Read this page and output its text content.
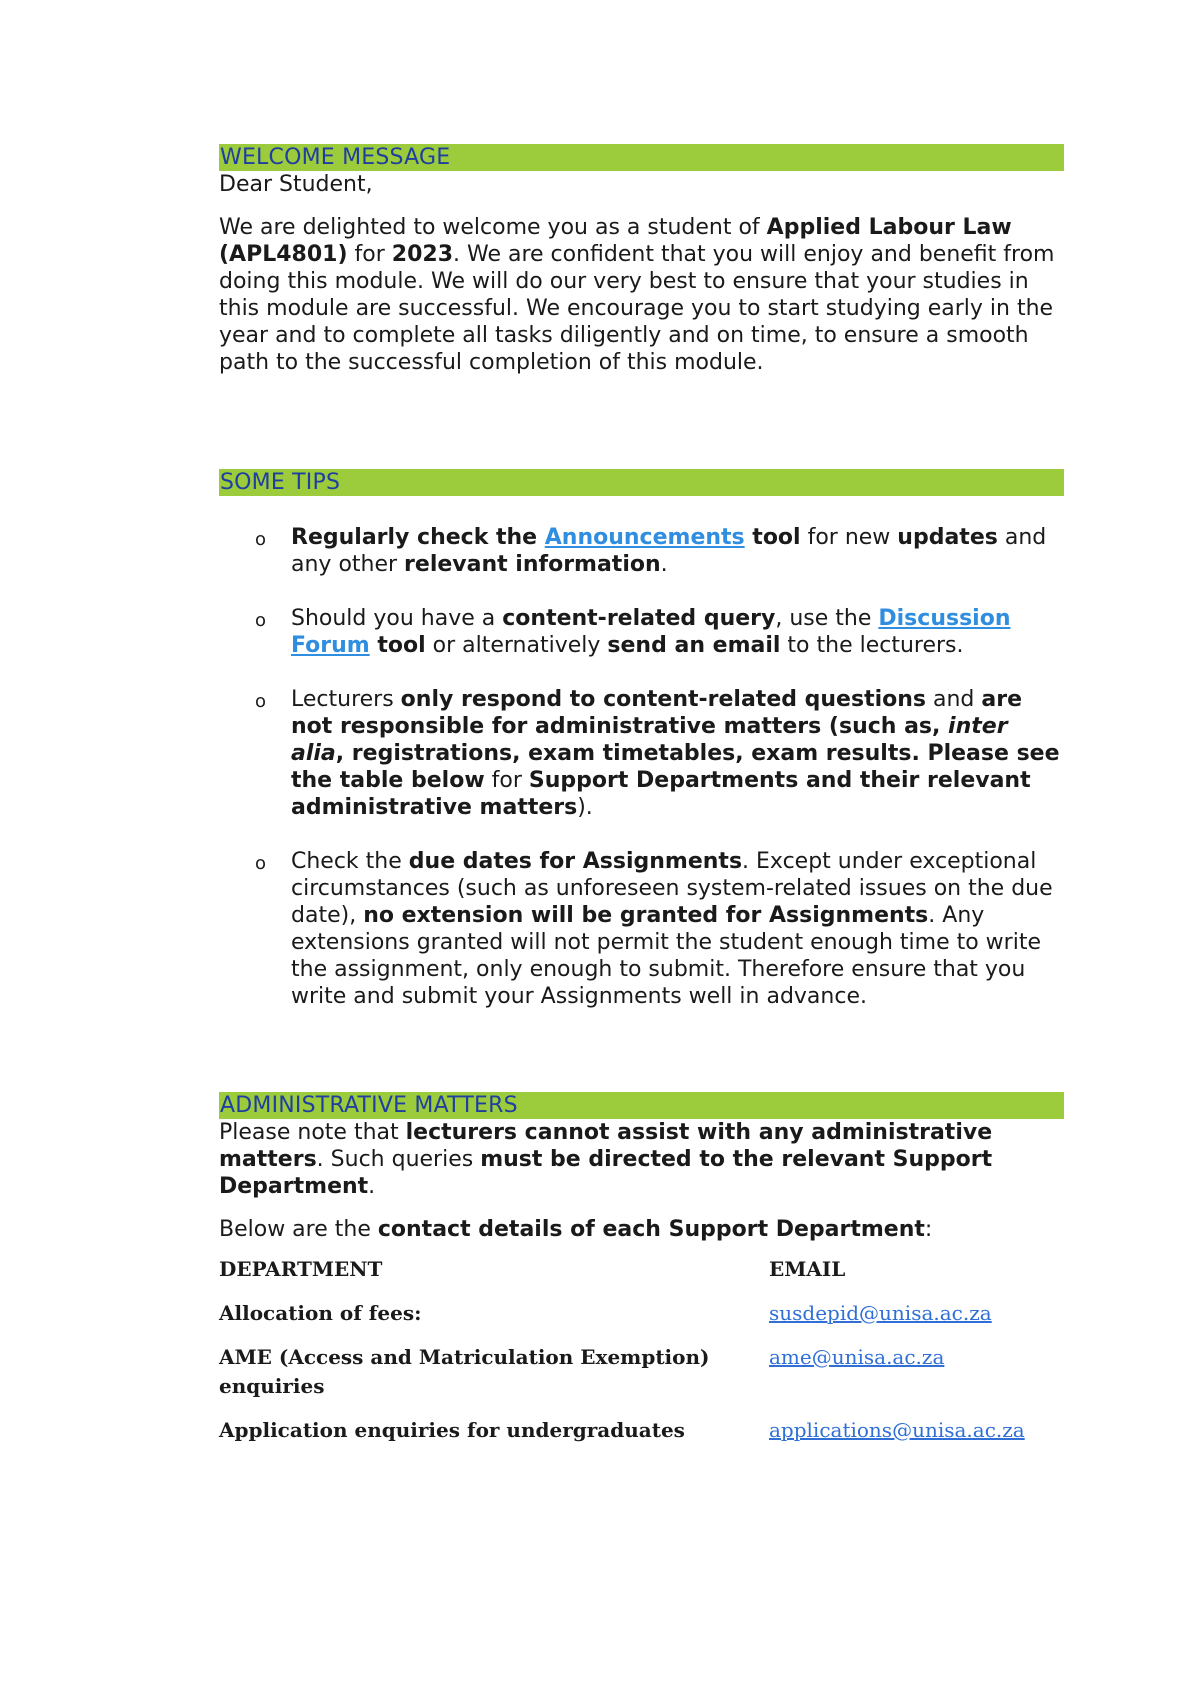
WELCOME MESSAGE

Dear Student,

We are delighted to welcome you as a student of Applied Labour Law (APL4801) for 2023. We are confident that you will enjoy and benefit from doing this module. We will do our very best to ensure that your studies in this module are successful. We encourage you to start studying early in the year and to complete all tasks diligently and on time, to ensure a smooth path to the successful completion of this module.

SOME TIPS
o Regularly check the Announcements tool for new updates and any other relevant information.
o Should you have a content-related query, use the Discussion Forum tool or alternatively send an email to the lecturers.
o Lecturers only respond to content-related questions and are not responsible for administrative matters (such as, inter alia, registrations, exam timetables, exam results. Please see the table below for Support Departments and their relevant administrative matters).
o Check the due dates for Assignments. Except under exceptional circumstances (such as unforeseen system-related issues on the due date), no extension will be granted for Assignments. Any extensions granted will not permit the student enough time to write the assignment, only enough to submit. Therefore ensure that you write and submit your Assignments well in advance.
ADMINISTRATIVE MATTERS

Please note that lecturers cannot assist with any administrative matters. Such queries must be directed to the relevant Support Department.

Below are the contact details of each Support Department:

DEPARTMENT	EMAIL
Allocation of fees:	susdepid@unisa.ac.za
AME (Access and Matriculation Exemption) enquiries	ame@unisa.ac.za
Application enquiries for undergraduates	applications@unisa.ac.za
